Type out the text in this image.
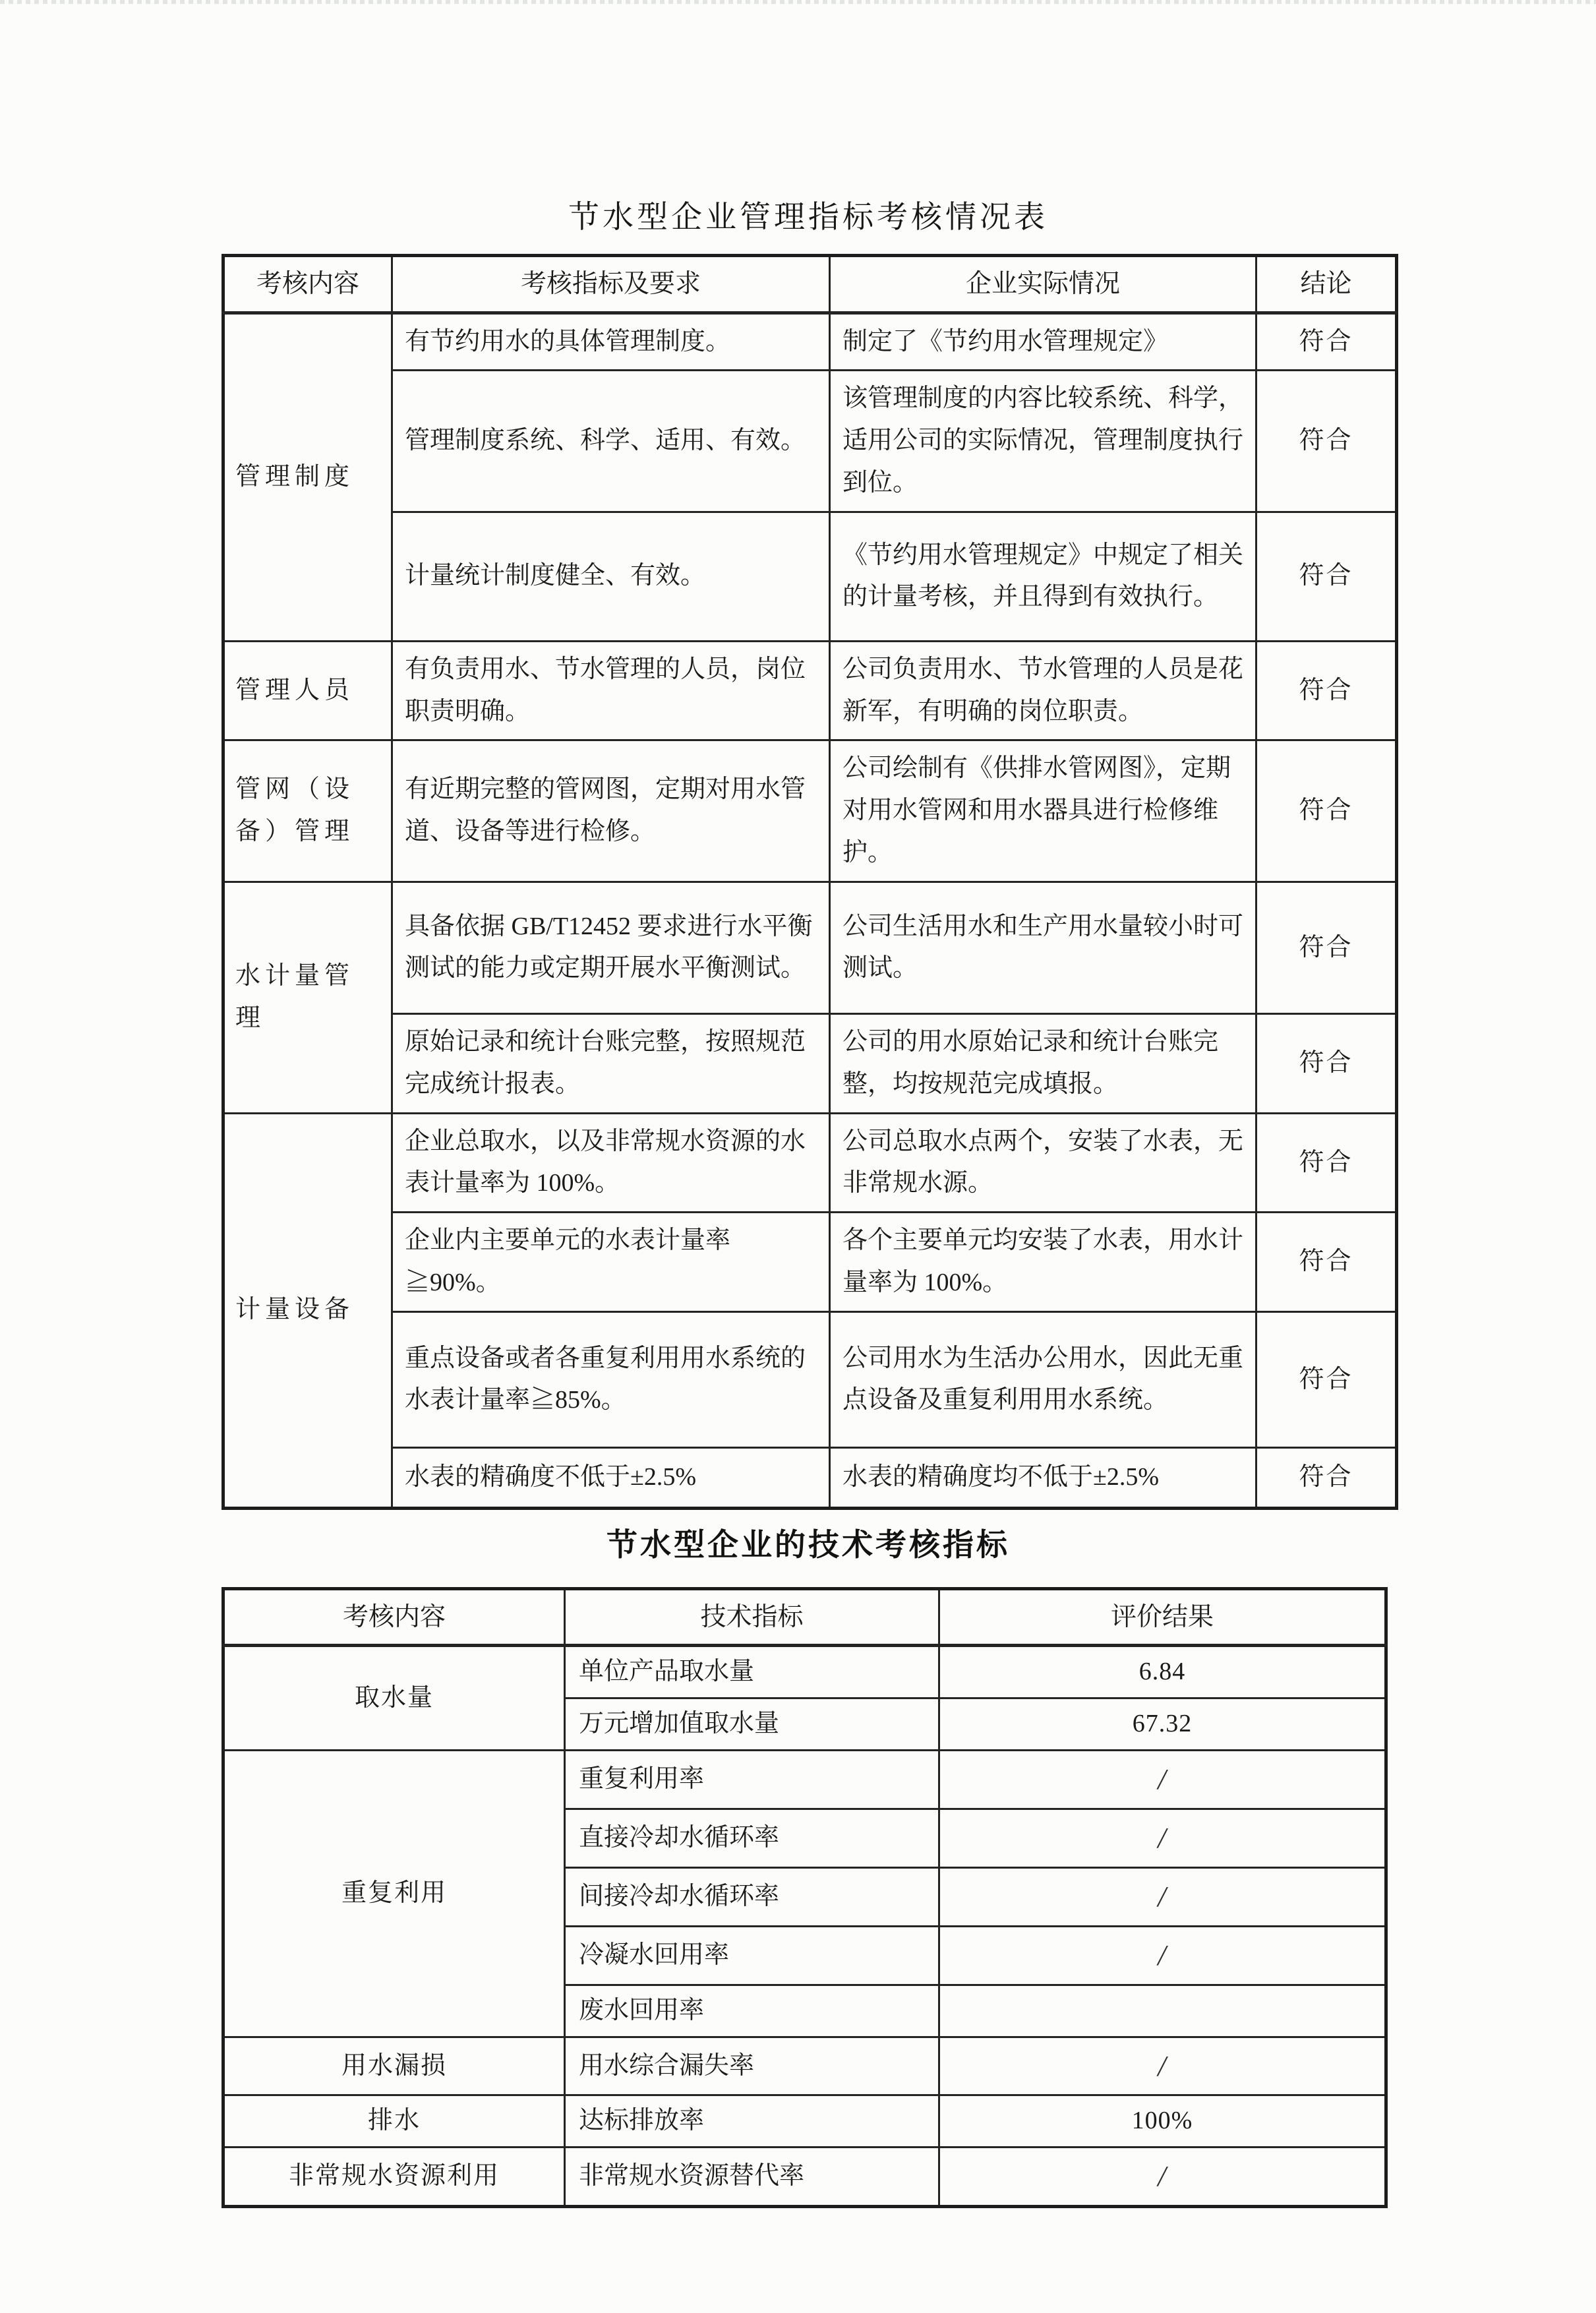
节水型企业管理指标考核情况表
考核内容	考核指标及要求	企业实际情况	结论
管理制度	有节约用水的具体管理制度。	制定了《节约用水管理规定》	符合
	管理制度系统、科学、适用、有效。	该管理制度的内容比较系统、科学，适用公司的实际情况，管理制度执行到位。	符合
	计量统计制度健全、有效。	《节约用水管理规定》中规定了相关的计量考核，并且得到有效执行。	符合
管理人员	有负责用水、节水管理的人员，岗位职责明确。	公司负责用水、节水管理的人员是花新军，有明确的岗位职责。	符合
管网（设备）管理	有近期完整的管网图，定期对用水管道、设备等进行检修。	公司绘制有《供排水管网图》，定期对用水管网和用水器具进行检修维护。	符合
水计量管理	具备依据 GB/T12452 要求进行水平衡测试的能力或定期开展水平衡测试。	公司生活用水和生产用水量较小时可测试。	符合
	原始记录和统计台账完整，按照规范完成统计报表。	公司的用水原始记录和统计台账完整，均按规范完成填报。	符合
计量设备	企业总取水，以及非常规水资源的水表计量率为 100%。	公司总取水点两个，安装了水表，无非常规水源。	符合
	企业内主要单元的水表计量率≧90%。	各个主要单元均安装了水表，用水计量率为 100%。	符合
	重点设备或者各重复利用用水系统的水表计量率≧85%。	公司用水为生活办公用水，因此无重点设备及重复利用用水系统。	符合
	水表的精确度不低于±2.5%	水表的精确度均不低于±2.5%	符合
节水型企业的技术考核指标
考核内容	技术指标	评价结果
取水量	单位产品取水量	6.84
	万元增加值取水量	67.32
重复利用	重复利用率	/
	直接冷却水循环率	/
	间接冷却水循环率	/
	冷凝水回用率	/
	废水回用率	
用水漏损	用水综合漏失率	/
排水	达标排放率	100%
非常规水资源利用	非常规水资源替代率	/
